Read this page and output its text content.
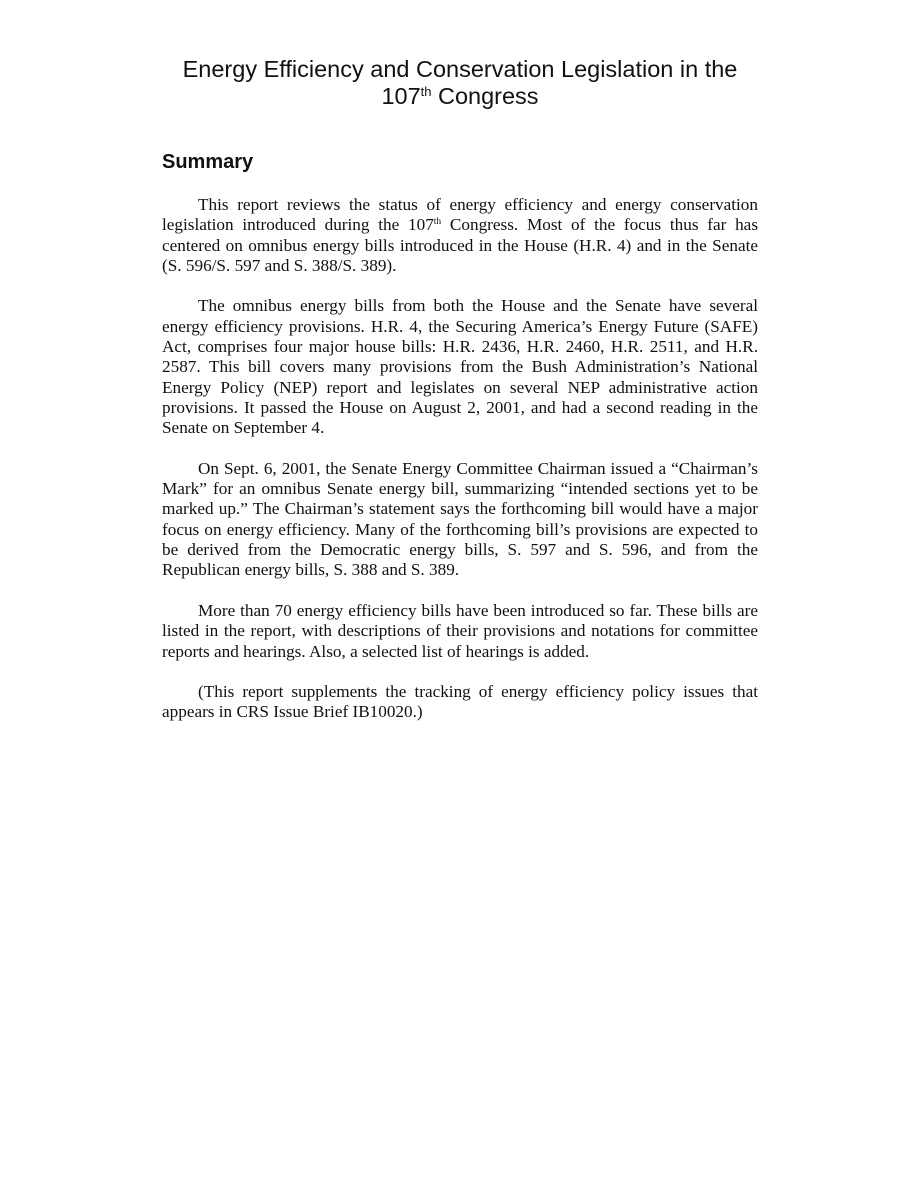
Energy Efficiency and Conservation Legislation in the 107th Congress
Summary

This report reviews the status of energy efficiency and energy conservation legislation introduced during the 107th Congress. Most of the focus thus far has centered on omnibus energy bills introduced in the House (H.R. 4) and in the Senate (S. 596/S. 597 and S. 388/S. 389).

The omnibus energy bills from both the House and the Senate have several energy efficiency provisions. H.R. 4, the Securing America’s Energy Future (SAFE) Act, comprises four major house bills: H.R. 2436, H.R. 2460, H.R. 2511, and H.R. 2587. This bill covers many provisions from the Bush Administration’s National Energy Policy (NEP) report and legislates on several NEP administrative action provisions. It passed the House on August 2, 2001, and had a second reading in the Senate on September 4.

On Sept. 6, 2001, the Senate Energy Committee Chairman issued a “Chairman’s Mark” for an omnibus Senate energy bill, summarizing “intended sections yet to be marked up.” The Chairman’s statement says the forthcoming bill would have a major focus on energy efficiency. Many of the forthcoming bill’s provisions are expected to be derived from the Democratic energy bills, S. 597 and S. 596, and from the Republican energy bills, S. 388 and S. 389.

More than 70 energy efficiency bills have been introduced so far. These bills are listed in the report, with descriptions of their provisions and notations for committee reports and hearings. Also, a selected list of hearings is added.

(This report supplements the tracking of energy efficiency policy issues that appears in CRS Issue Brief IB10020.)
